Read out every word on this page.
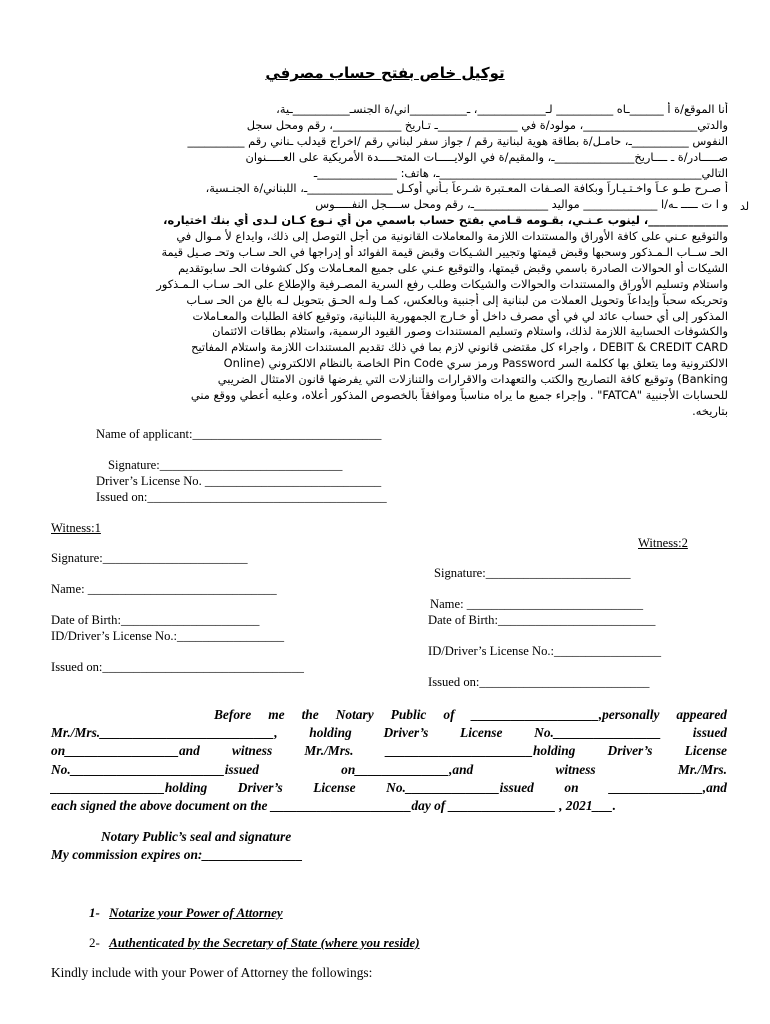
توكيل خاص بفتح حساب مصرفي
لد
أنا الموقع/ة أ ______ـاه __________ لـ____________، ـ__________اني/ة الجنسـ__________ـية،
والدتي____________________، مولود/ة في ______________ـ تـاريخ ____________، رقم ومحل سجل
النفوس __________ـ، حامـل/ة بطاقة هوية لبنانية رقم / جواز سفر لبناني رقم /اخراج قيدلب ـناني رقم __________
صـــــادر/ة ـ ــــاريخ______________ـ، والمقيم/ة في الولايـــــات المتحـــــدة الأمريكية على العـــــنوان
التالي______________________________________________ـ، هاتف: ______________ـ
أ صـرح طـو عـاً واخـتـيـاراً وبكافة الصـفات المعـتبرة شـرعاً بـأني أوكـل _______________ـ، اللبناني/ة الجنـسية،
و ا ت ـــــ ـه/ا _____________ مواليد _____________ـ، رقم ومحل ســــجل النفـــــوس
______________، لينوب عـنـي، بقـومه قـامي بفتح حساب باسمي من أي نـوع كـان لـدى أي بنك اختياره،
والتوقيع عـني على كافة الأوراق والمستندات اللازمة والمعاملات القانونية من أجل التوصل إلى ذلك، وايداع لأ مـوال في
الحـ ســاب الـمـذكور وسحبها وقبض قيمتها وتجيير الشـيكات وقبض قيمة الفوائد أو إدراجها في الحـ سـاب وتحـ صـيل قيمة
الشيكات أو الحوالات الصادرة باسمي وقبض قيمتها، والتوقيع عـني على جميع المعـاملات وكل كشوفات الحـ سابوتقديم
واستلام وتسليم الأوراق والمستندات والحوالات والشيكات وطلب رفع السرية المصـرفية والإطلاع على الحـ سـاب الـمـذكور
وتحريكه سحباً وإيداعاً وتحويل العملات من لبنانية إلى أجنبية وبالعكس، كمـا ولـه الحـق بتحويل لـه بالغ من الحـ سـاب
المذكور إلى أي حساب عائد لي في أي مصرف داخل أو خـارج الجمهورية اللبنانية، وتوقيع كافة الطلبات والمعـاملات
والكشوفات الحسابية اللازمة لذلك، واستلام وتسليم المستندات وصور القيود الرسمية، واستلام بطاقات الائتمان
DEBIT & CREDIT CARD ، واجراء كل مقتضى قانوني لازم بما في ذلك تقديم المستندات اللازمة واستلام المفاتيح
الالكترونية وما يتعلق بها ككلمة السر Password ورمز سري Pin Code الخاصة بالنظام الالكتروني (Online
Banking) وتوقيع كافة التصاريح والكتب والتعهدات والاقرارات والتنازلات التي يفرضها قانون الامتثال الضريبي
للحسابات الأجنبية "FATCA" . وإجراء جميع ما يراه مناسباً وموافقاً بالخصوص المذكور أعلاه، وعليه أعطي ووقع مني
بتاريخه.
Name of applicant:______________________________
Signature:_____________________________
Driver’s License No. ____________________________
Issued on:______________________________________
Witness:1
Signature:_______________________
Name: ______________________________
Date of Birth:______________________
ID/Driver’s License No.:_________________
Issued on:________________________________
Witness:2
Signature:_______________________
Name: ____________________________
Date of Birth:_________________________
ID/Driver’s License No.:_________________
Issued on:___________________________
Before me the Notary Public of ___________________,personally appeared
Mr./Mrs.__________________________, holding Driver’s License No.________________ issued
on_________________and witness Mr./Mrs. ______________________holding Driver’s License
No._______________________issued on______________,and witness Mr./Mrs.
_________________holding Driver’s License No.______________issued on ______________,and
each signed the above document on the _____________________day of ________________ , 2021___.
Notary Public’s seal and signature
My commission expires on:_______________
1- Notarize your Power of Attorney
2- Authenticated by the Secretary of State (where you reside)
Kindly include with your Power of Attorney the followings:
